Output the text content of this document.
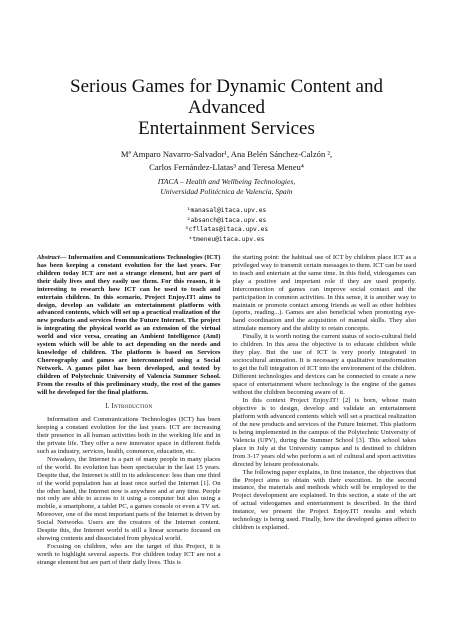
Serious Games for Dynamic Content and Advanced
Entertainment Services
Mª Amparo Navarro-Salvador¹, Ana Belén Sánchez-Calzón ²,
Carlos Fernández-Llatas³ and Teresa Meneu⁴
ITACA – Health and Wellbeing Technologies,
Universidad Politécnica de Valencia, Spain
¹manasal@itaca.upv.es
²absanch@itaca.upv.es
³cfllatas@itaca.upv.es
⁴tmeneu@itaca.upv.es

Abstract— Information and Communications Technologies (ICT) has been keeping a constant evolution for the last years. For children today ICT are not a strange element, but are part of their daily lives and they easily use them. For this reason, it is interesting to research how ICT can be used to teach and entertain children. In this scenario, Project Enjoy.IT! aims to design, develop an validate an entertainment platform with advanced contents, which will set up a practical realization of the new products and services from the Future Internet. The project is integrating the physical world as an extension of the virtual world and vice versa, creating an Ambient Intelligence (AmI) system which will be able to act depending on the needs and knowledge of children. The platform is based on Services Choreography and games are interconnected using a Social Network. A games pilot has been developed, and tested by children of Polytechnic University of Valencia Summer School. From the results of this preliminary study, the rest of the games will be developed for the final platform.

I. Introduction

Information and Communications Technologies (ICT) has been keeping a constant evolution for the last years. ICT are increasing their presence in all human activities both in the working life and in the private life. They offer a new innovator space in different fields such as industry, services, health, commerce, education, etc.

Nowadays, the Internet is a part of many people in many places of the world. Its evolution has been spectacular in the last 15 years. Despite that, the Internet is still in its adolescence: less than one third of the world population has at least once surfed the Internet [1]. On the other hand, the Internet now is anywhere and at any time. People not only are able to access to it using a computer but also using a mobile, a smartphone, a tablet PC, a games console or even a TV set. Moreover, one of the most important parts of the Internet is driven by Social Networks. Users are the creators of the Internet content. Despite this, the Internet world is still a linear scenario focused on showing contents and dissociated from physical world.

Focusing on children, who are the target of this Project, it is worth to highlight several aspects. For children today ICT are not a strange element but are part of their daily lives. This is

the starting point: the habitual use of ICT by children place ICT as a privileged way to transmit certain messages to them. ICT can be used to teach and entertain at the same time. In this field, videogames can play a positive and important role if they are used properly. Interconnection of games can improve social contact and the participation in common activities. In this sense, it is another way to maintain or promote contact among friends as well as other hobbies (sports, reading...). Games are also beneficial when promoting eye-hand coordination and the acquisition of manual skills. They also stimulate memory and the ability to retain concepts.

Finally, it is worth noting the current status of socio-cultural field to children. In this area the objective is to educate children while they play. But the use of ICT is very poorly integrated in sociocultural animation. It is necessary a qualitative transformation to get the full integration of ICT into the environment of the children. Different technologies and devices can be connected to create a new space of entertainment where technology is the engine of the games without the children becoming aware of it.

In this context Project Enjoy.IT! [2] is born, whose main objective is to design, develop and validate an entertainment platform with advanced contents which will set a practical realization of the new products and services of the Future Internet. This platform is being implemented in the campus of the Polytechnic University of Valencia (UPV), during the Summer School [3]. This school takes place in July at the University campus and is destined to children from 3-17 years old who perform a set of cultural and sport activities directed by leisure professionals.

The following paper explains, in first instance, the objectives that the Project aims to obtain with their execution. In the second instance, the materials and methods which will be employed to the Project development are explained. In this section, a state of the art of actual videogames and entertainment is described. In the third instance, we present the Project Enjoy.IT! results and which technology is being used. Finally, how the developed games affect to children is explained.
